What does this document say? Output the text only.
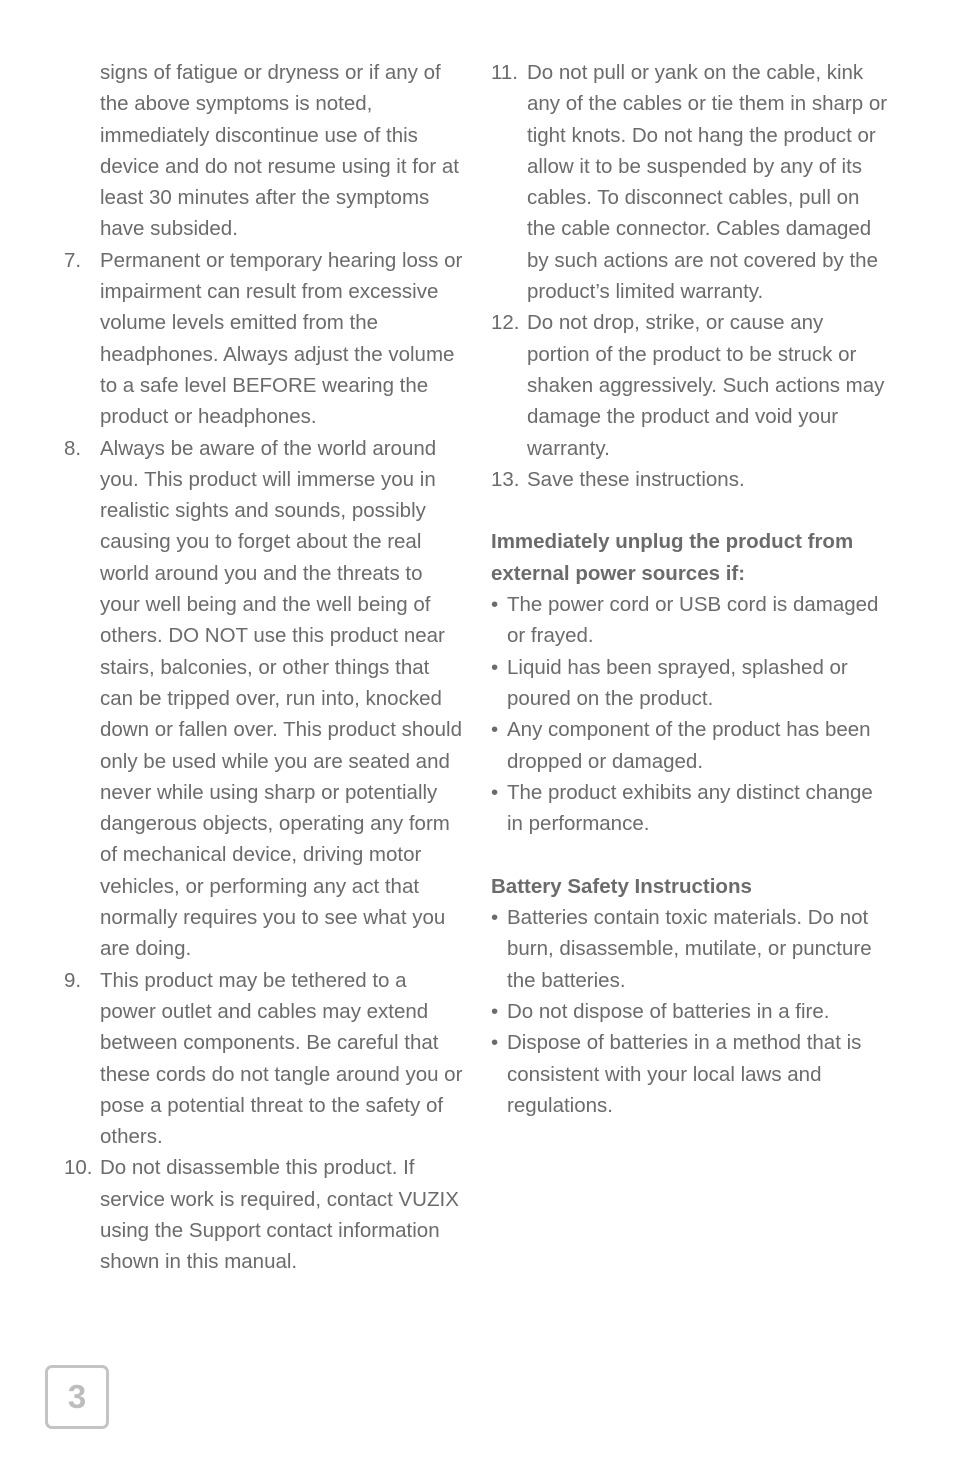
signs of fatigue or dryness or if any of the above symptoms is noted, immediately discontinue use of this device and do not resume using it for at least 30 minutes after the symptoms have subsided.

7. Permanent or temporary hearing loss or impairment can result from excessive volume levels emitted from the headphones. Always adjust the volume to a safe level BEFORE wearing the product or headphones.
8. Always be aware of the world around you. This product will immerse you in realistic sights and sounds, possibly causing you to forget about the real world around you and the threats to your well being and the well being of others. DO NOT use this product near stairs, balconies, or other things that can be tripped over, run into, knocked down or fallen over. This product should only be used while you are seated and never while using sharp or potentially dangerous objects, operating any form of mechanical device, driving motor vehicles, or performing any act that normally requires you to see what you are doing.
9. This product may be tethered to a power outlet and cables may extend between components. Be careful that these cords do not tangle around you or pose a potential threat to the safety of others.
10. Do not disassemble this product. If service work is required, contact VUZIX using the Support contact information shown in this manual.
11. Do not pull or yank on the cable, kink any of the cables or tie them in sharp or tight knots. Do not hang the product or allow it to be suspended by any of its cables. To disconnect cables, pull on the cable connector. Cables damaged by such actions are not covered by the product’s limited warranty.
12. Do not drop, strike, or cause any portion of the product to be struck or shaken aggressively. Such actions may damage the product and void your warranty.
13. Save these instructions.

Immediately unplug the product from external power sources if:

• The power cord or USB cord is damaged or frayed.
• Liquid has been sprayed, splashed or poured on the product.
• Any component of the product has been dropped or damaged.
• The product exhibits any distinct change in performance.

Battery Safety Instructions

• Batteries contain toxic materials. Do not burn, disassemble, mutilate, or puncture the batteries.
• Do not dispose of batteries in a fire.
• Dispose of batteries in a method that is consistent with your local laws and regulations.
3
